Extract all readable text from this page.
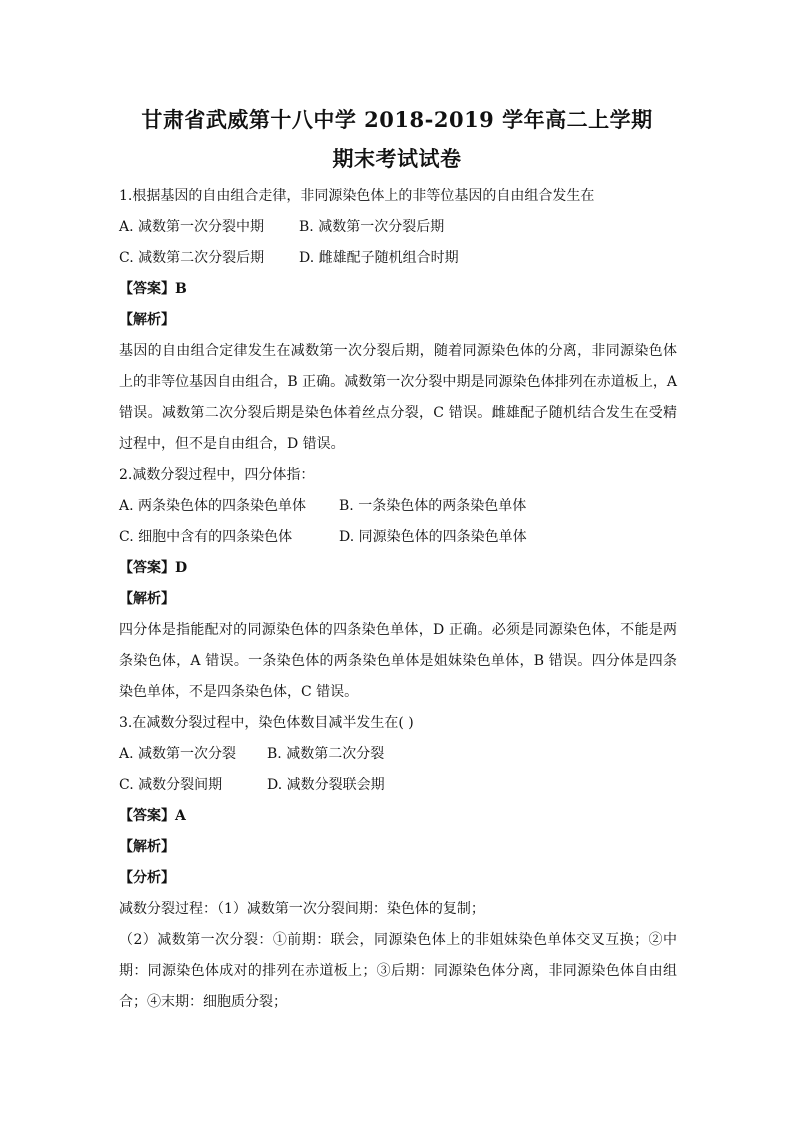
甘肃省武威第十八中学 2018-2019 学年高二上学期
期末考试试卷

1.根据基因的自由组合走律，非同源染色体上的非等位基因的自由组合发生在

A. 减数第一次分裂中期	B. 减数第一次分裂后期
C. 减数第二次分裂后期	D. 雌雄配子随机组合时期

【答案】B

【解析】

基因的自由组合定律发生在减数第一次分裂后期，随着同源染色体的分离，非同源染色体上的非等位基因自由组合，B 正确。减数第一次分裂中期是同源染色体排列在赤道板上，A 错误。减数第二次分裂后期是染色体着丝点分裂，C 错误。雌雄配子随机结合发生在受精过程中，但不是自由组合，D 错误。

2.减数分裂过程中，四分体指：

A. 两条染色体的四条染色单体	B. 一条染色体的两条染色单体
C. 细胞中含有的四条染色体	D. 同源染色体的四条染色单体

【答案】D

【解析】

四分体是指能配对的同源染色体的四条染色单体，D 正确。必须是同源染色体，不能是两条染色体，A 错误。一条染色体的两条染色单体是姐妹染色单体，B 错误。四分体是四条染色单体，不是四条染色体，C 错误。

3.在减数分裂过程中，染色体数目减半发生在( )

A. 减数第一次分裂	B. 减数第二次分裂
C. 减数分裂间期	D. 减数分裂联会期

【答案】A

【解析】

【分析】

减数分裂过程：（1）减数第一次分裂间期：染色体的复制；

（2）减数第一次分裂：①前期：联会，同源染色体上的非姐妹染色单体交叉互换；②中期：同源染色体成对的排列在赤道板上；③后期：同源染色体分离，非同源染色体自由组合；④末期：细胞质分裂；
